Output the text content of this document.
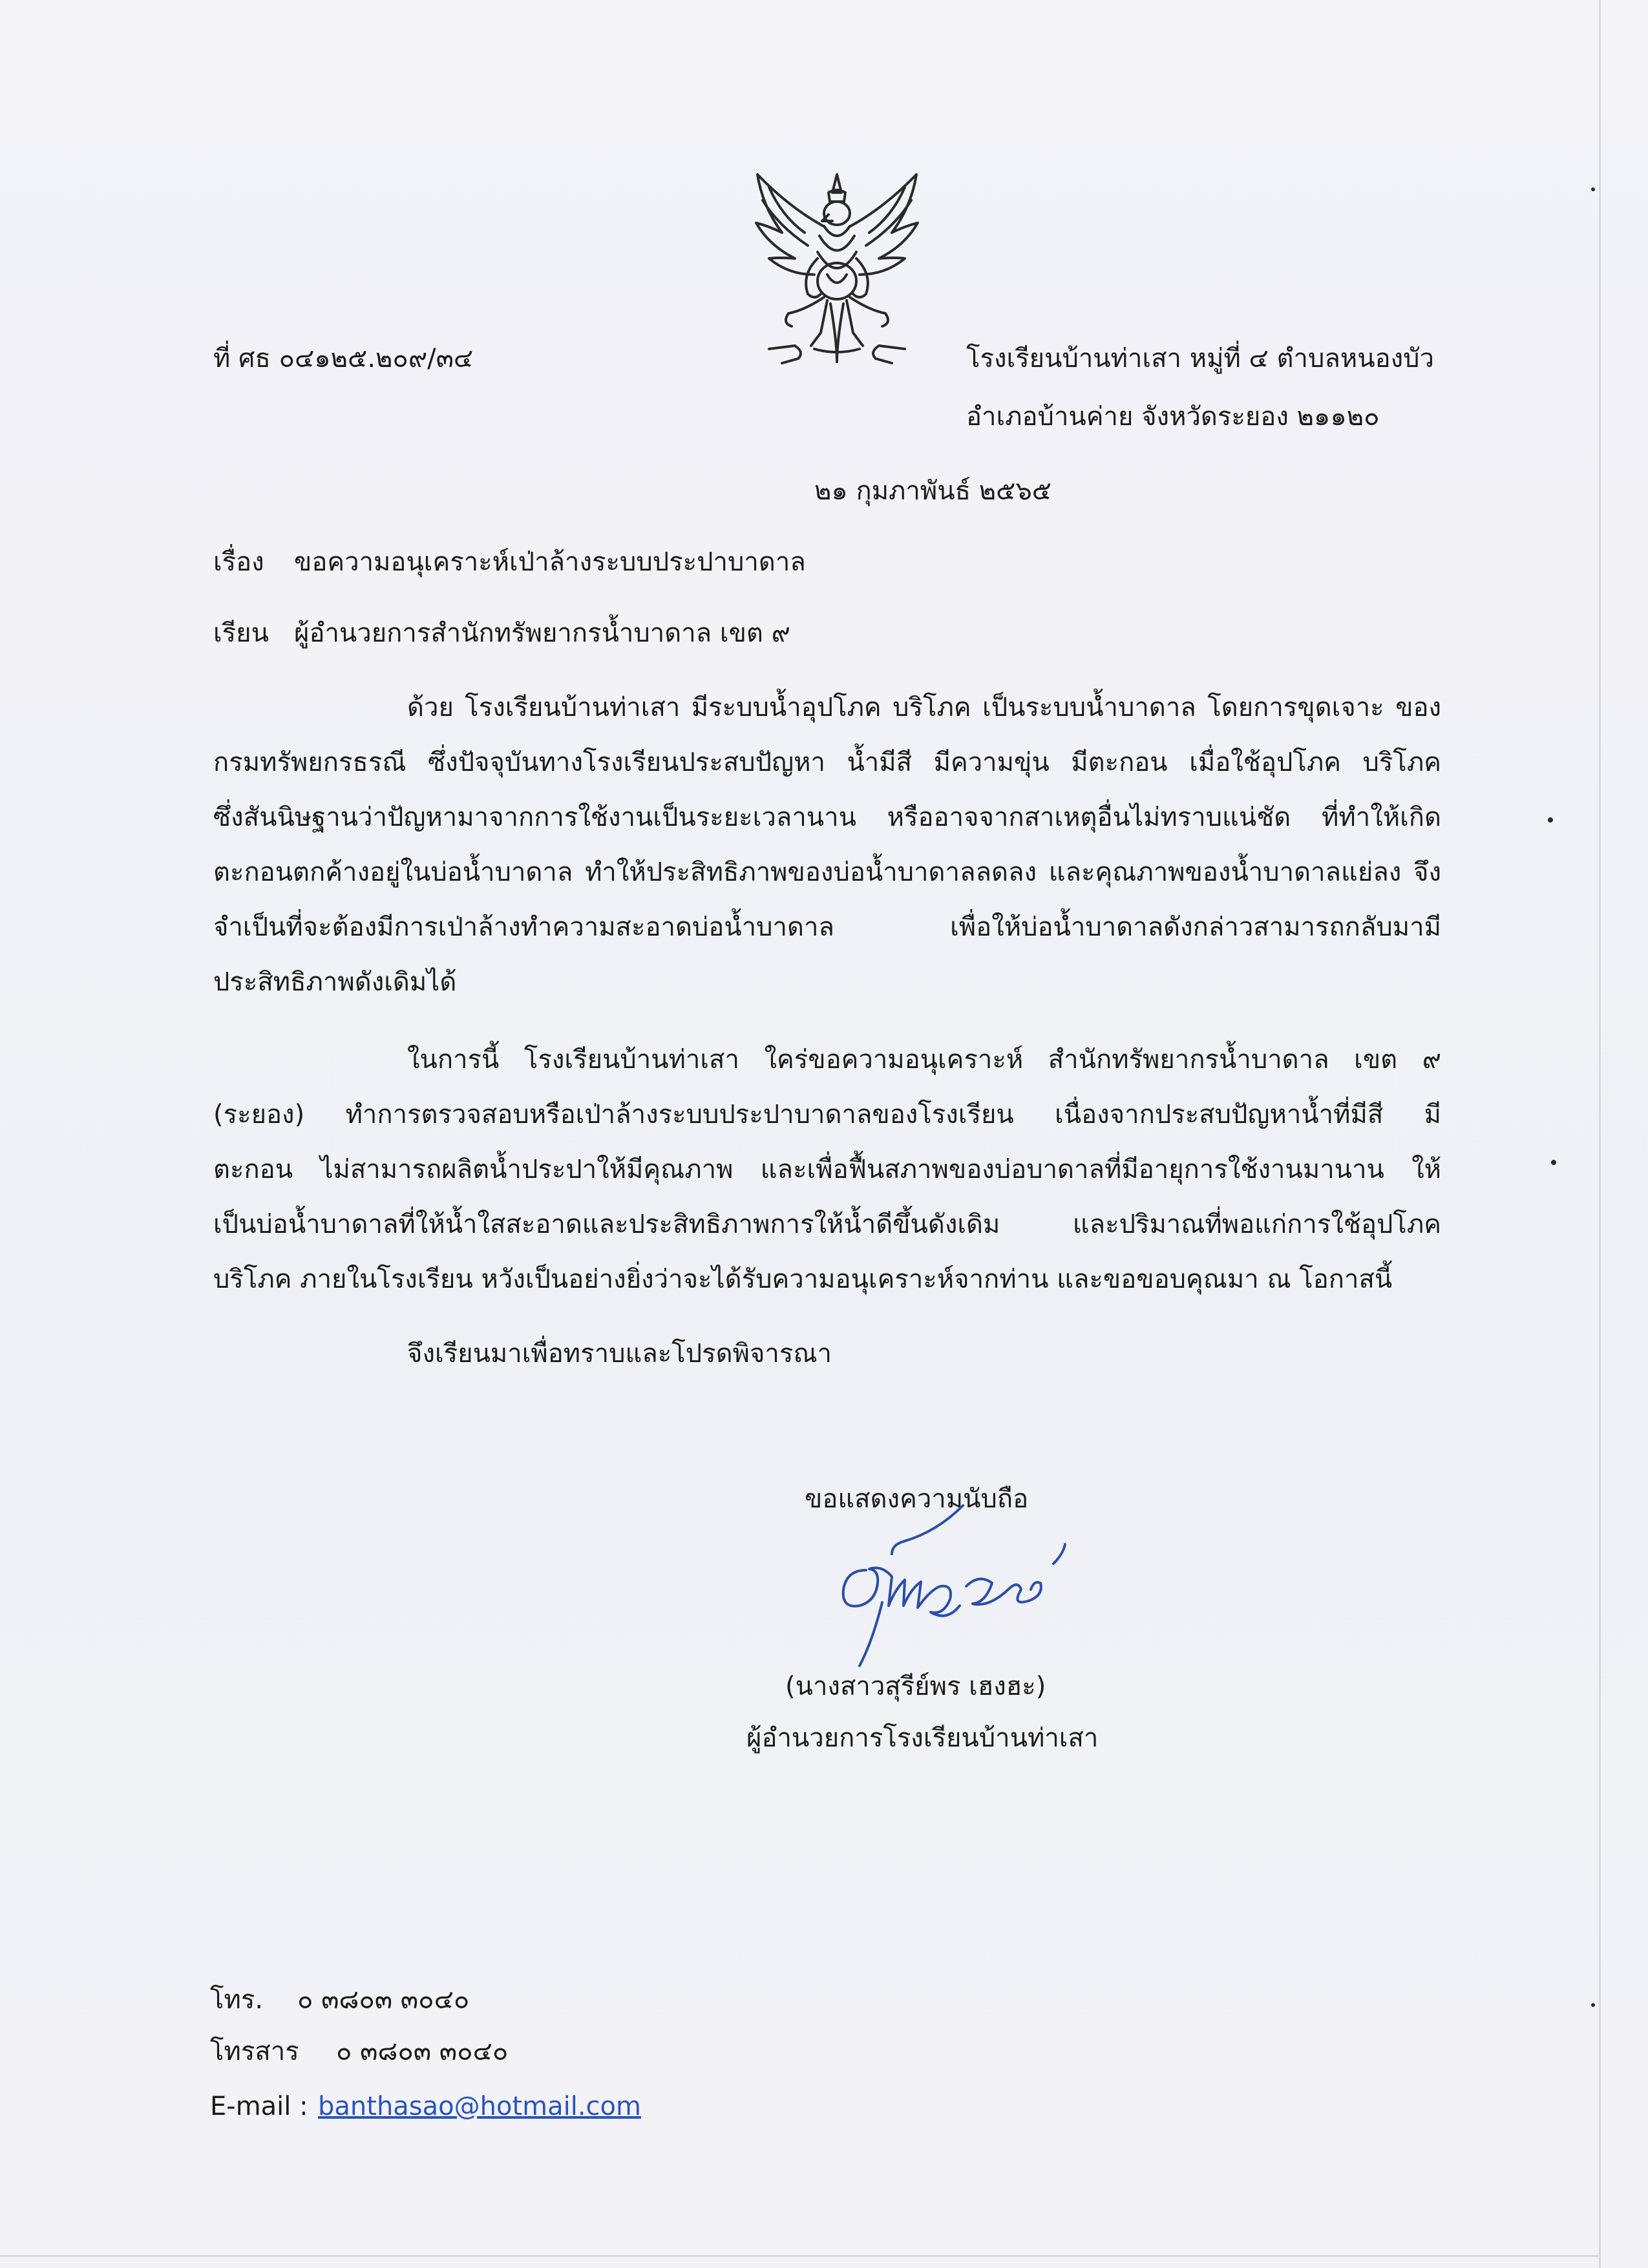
ที่ ศธ ๐๔๑๒๕.๒๐๙/๓๔	โรงเรียนบ้านท่าเสา หมู่ที่ ๔ ตำบลหนองบัว
อำเภอบ้านค่าย จังหวัดระยอง ๒๑๑๒๐
๒๑ กุมภาพันธ์ ๒๕๖๕
เรื่อง ขอความอนุเคราะห์เป่าล้างระบบประปาบาดาล
เรียน ผู้อำนวยการสำนักทรัพยากรน้ำบาดาล เขต ๙
ด้วย โรงเรียนบ้านท่าเสา มีระบบน้ำอุปโภค บริโภค เป็นระบบน้ำบาดาล โดยการขุดเจาะ ของ
กรมทรัพยกรธรณี ซึ่งปัจจุบันทางโรงเรียนประสบปัญหา น้ำมีสี มีความขุ่น มีตะกอน เมื่อใช้อุปโภค บริโภค
ซึ่งสันนิษฐานว่าปัญหามาจากการใช้งานเป็นระยะเวลานาน หรืออาจจากสาเหตุอื่นไม่ทราบแน่ชัด ที่ทำให้เกิด
ตะกอนตกค้างอยู่ในบ่อน้ำบาดาล ทำให้ประสิทธิภาพของบ่อน้ำบาดาลลดลง และคุณภาพของน้ำบาดาลแย่ลง จึง
จำเป็นที่จะต้องมีการเป่าล้างทำความสะอาดบ่อน้ำบาดาล เพื่อให้บ่อน้ำบาดาลดังกล่าวสามารถกลับมามี
ประสิทธิภาพดังเดิมได้
ในการนี้ โรงเรียนบ้านท่าเสา ใคร่ขอความอนุเคราะห์ สำนักทรัพยากรน้ำบาดาล เขต ๙
(ระยอง) ทำการตรวจสอบหรือเป่าล้างระบบประปาบาดาลของโรงเรียน เนื่องจากประสบปัญหาน้ำที่มีสี มี
ตะกอน ไม่สามารถผลิตน้ำประปาให้มีคุณภาพ และเพื่อฟื้นสภาพของบ่อบาดาลที่มีอายุการใช้งานมานาน ให้
เป็นบ่อน้ำบาดาลที่ให้น้ำใสสะอาดและประสิทธิภาพการให้น้ำดีขึ้นดังเดิม และปริมาณที่พอแก่การใช้อุปโภค
บริโภค ภายในโรงเรียน หวังเป็นอย่างยิ่งว่าจะได้รับความอนุเคราะห์จากท่าน และขอขอบคุณมา ณ โอกาสนี้
จึงเรียนมาเพื่อทราบและโปรดพิจารณา
ขอแสดงความนับถือ
(นางสาวสุรีย์พร เฮงฮะ)
ผู้อำนวยการโรงเรียนบ้านท่าเสา
โทร. ๐ ๓๘๐๓ ๓๐๔๐
โทรสาร ๐ ๓๘๐๓ ๓๐๔๐
E-mail : banthasao@hotmail.com
